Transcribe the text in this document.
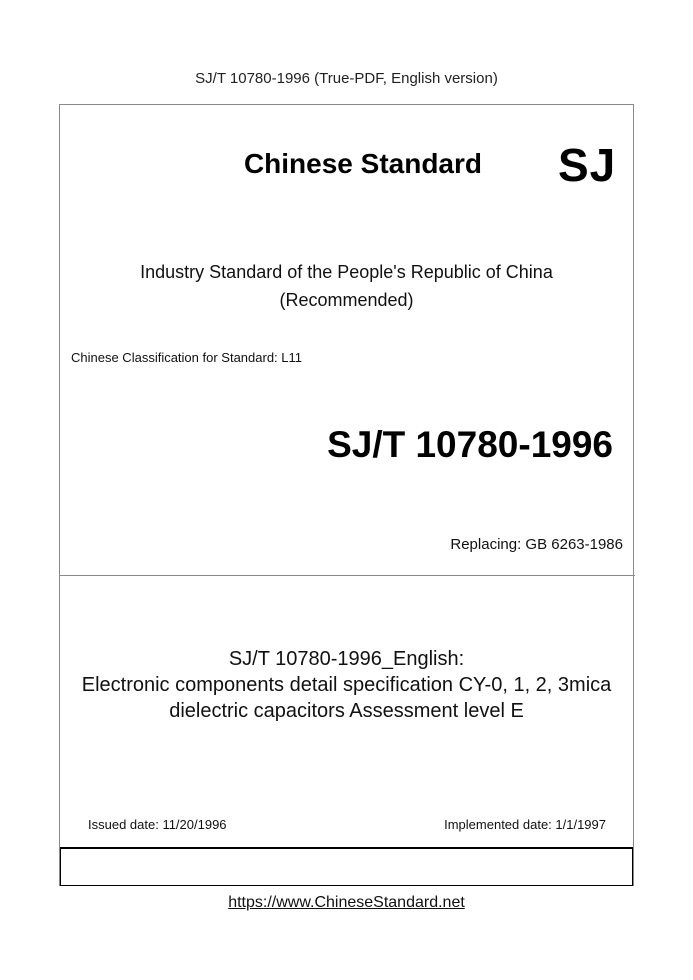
SJ/T 10780-1996 (True-PDF, English version)
Chinese Standard SJ
Industry Standard of the People's Republic of China
(Recommended)
Chinese Classification for Standard: L11
SJ/T 10780-1996
Replacing: GB 6263-1986
SJ/T 10780-1996_English:
Electronic components detail specification CY-0, 1, 2, 3mica
dielectric capacitors Assessment level E
Issued date: 11/20/1996	Implemented date: 1/1/1997
https://www.ChineseStandard.net
